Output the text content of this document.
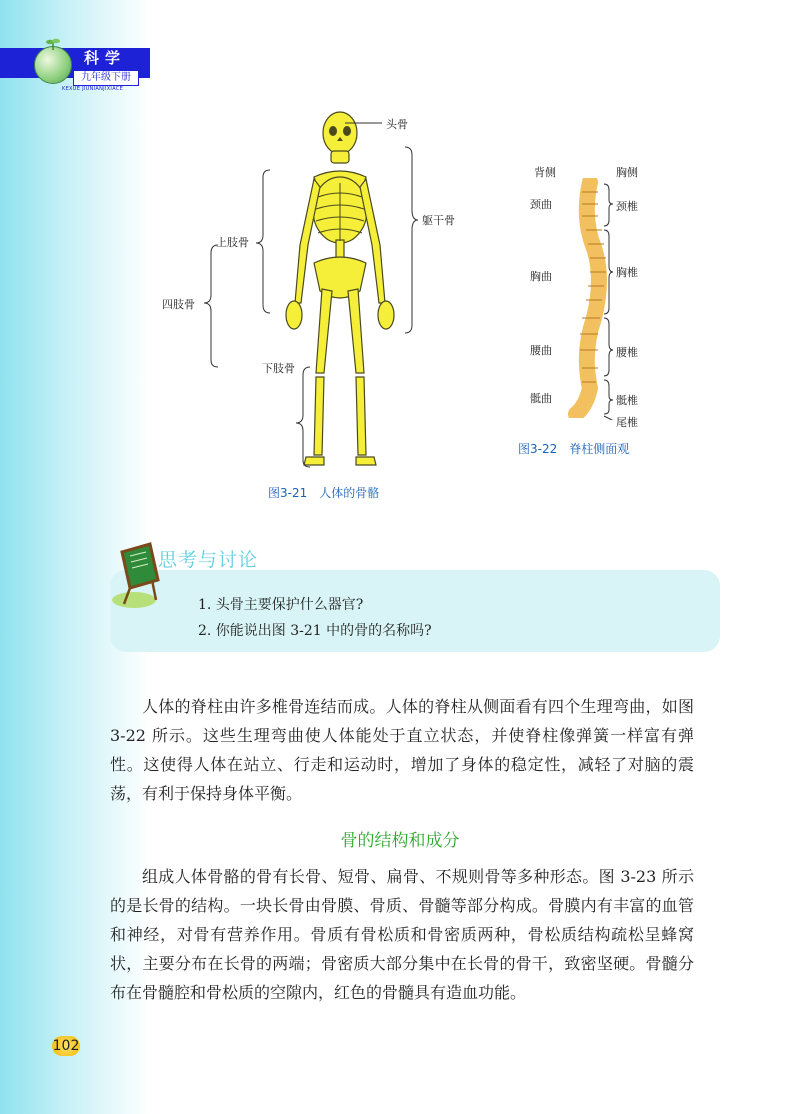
科学
九年级下册
KEXUE JIUNIANJIXIACE
头骨
躯干骨
上肢骨
四肢骨
下肢骨
图3-21　人体的骨骼
背侧	胸侧
颈曲	颈椎
胸曲	胸椎
腰曲	腰椎
骶曲	骶椎
尾椎
图3-22　脊柱侧面观
思考与讨论
1. 头骨主要保护什么器官?
2. 你能说出图 3-21 中的骨的名称吗?

人体的脊柱由许多椎骨连结而成。人体的脊柱从侧面看有四个生理弯曲，如图 3-22 所示。这些生理弯曲使人体能处于直立状态，并使脊柱像弹簧一样富有弹性。这使得人体在站立、行走和运动时，增加了身体的稳定性，减轻了对脑的震荡，有利于保持身体平衡。

骨的结构和成分

组成人体骨骼的骨有长骨、短骨、扁骨、不规则骨等多种形态。图 3-23 所示的是长骨的结构。一块长骨由骨膜、骨质、骨髓等部分构成。骨膜内有丰富的血管和神经，对骨有营养作用。骨质有骨松质和骨密质两种，骨松质结构疏松呈蜂窝状，主要分布在长骨的两端；骨密质大部分集中在长骨的骨干，致密坚硬。骨髓分布在骨髓腔和骨松质的空隙内，红色的骨髓具有造血功能。

102
